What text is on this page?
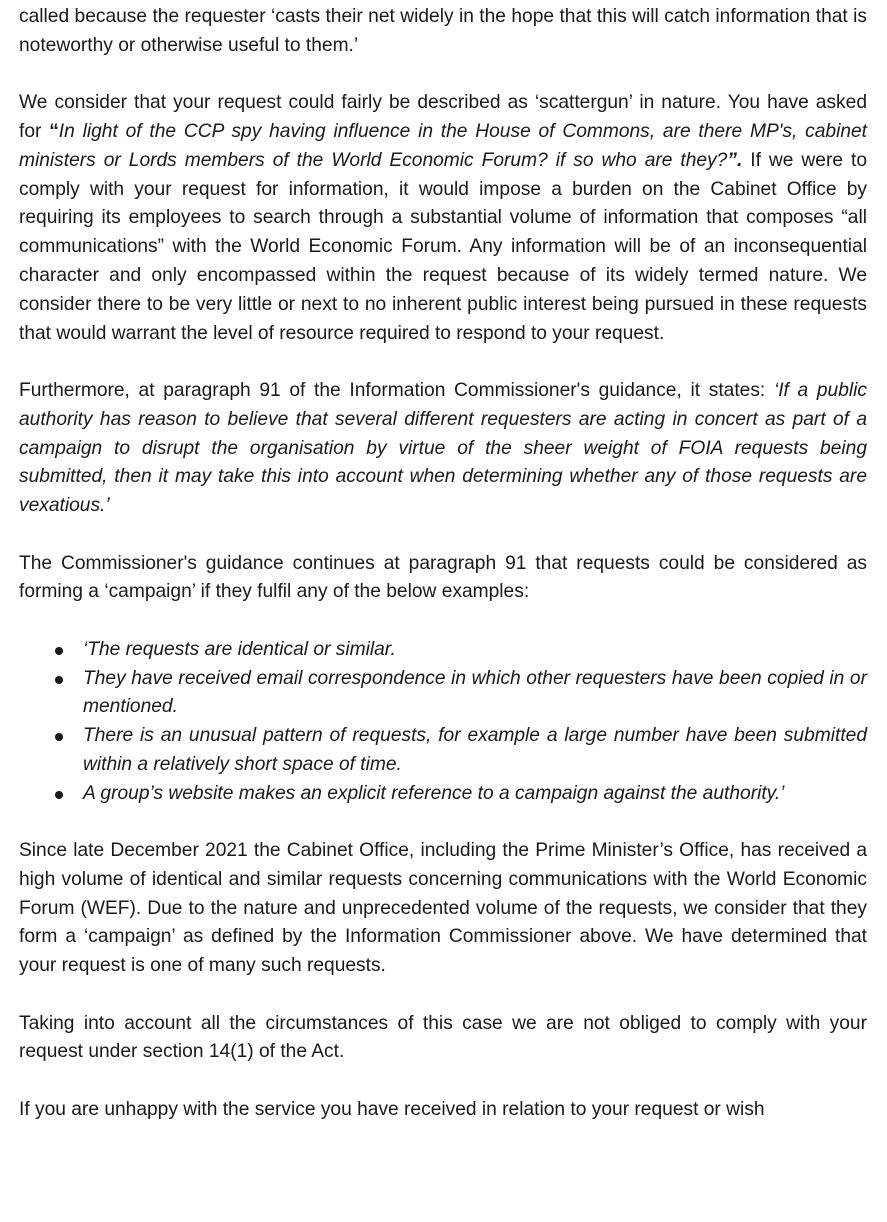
called because the requester ‘casts their net widely in the hope that this will catch information that is noteworthy or otherwise useful to them.’

We consider that your request could fairly be described as ‘scattergun’ in nature. You have asked for “In light of the CCP spy having influence in the House of Commons, are there MP's, cabinet ministers or Lords members of the World Economic Forum? if so who are they?”. If we were to comply with your request for information, it would impose a burden on the Cabinet Office by requiring its employees to search through a substantial volume of information that composes “all communications” with the World Economic Forum. Any information will be of an inconsequential character and only encompassed within the request because of its widely termed nature. We consider there to be very little or next to no inherent public interest being pursued in these requests that would warrant the level of resource required to respond to your request.

Furthermore, at paragraph 91 of the Information Commissioner's guidance, it states: ‘If a public authority has reason to believe that several different requesters are acting in concert as part of a campaign to disrupt the organisation by virtue of the sheer weight of FOIA requests being submitted, then it may take this into account when determining whether any of those requests are vexatious.’

The Commissioner's guidance continues at paragraph 91 that requests could be considered as forming a ‘campaign’ if they fulfil any of the below examples:

‘The requests are identical or similar.
They have received email correspondence in which other requesters have been copied in or mentioned.
There is an unusual pattern of requests, for example a large number have been submitted within a relatively short space of time.
A group’s website makes an explicit reference to a campaign against the authority.’

Since late December 2021 the Cabinet Office, including the Prime Minister’s Office, has received a high volume of identical and similar requests concerning communications with the World Economic Forum (WEF). Due to the nature and unprecedented volume of the requests, we consider that they form a ‘campaign’ as defined by the Information Commissioner above. We have determined that your request is one of many such requests.

Taking into account all the circumstances of this case we are not obliged to comply with your request under section 14(1) of the Act.

If you are unhappy with the service you have received in relation to your request or wish
